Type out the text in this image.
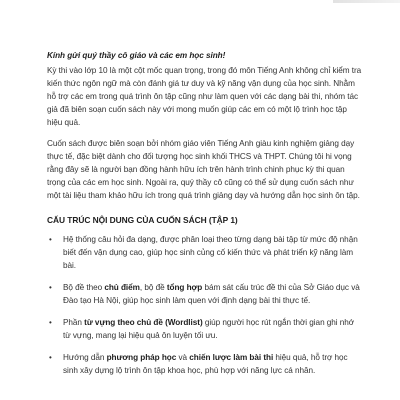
Kính gửi quý thầy cô giáo và các em học sinh!

Kỳ thi vào lớp 10 là một cột mốc quan trọng, trong đó môn Tiếng Anh không chỉ kiểm tra kiến thức ngôn ngữ mà còn đánh giá tư duy và kỹ năng vận dụng của học sinh. Nhằm hỗ trợ các em trong quá trình ôn tập cũng như làm quen với các dạng bài thi, nhóm tác giả đã biên soạn cuốn sách này với mong muốn giúp các em có một lộ trình học tập hiệu quả.

Cuốn sách được biên soạn bởi nhóm giáo viên Tiếng Anh giàu kinh nghiệm giảng dạy thực tế, đặc biệt dành cho đối tượng học sinh khối THCS và THPT. Chúng tôi hi vọng rằng đây sẽ là người bạn đồng hành hữu ích trên hành trình chinh phục kỳ thi quan trọng của các em học sinh. Ngoài ra, quý thầy cô cũng có thể sử dụng cuốn sách như một tài liệu tham khảo hữu ích trong quá trình giảng dạy và hướng dẫn học sinh ôn tập.

CẤU TRÚC NỘI DUNG CỦA CUỐN SÁCH (TẬP 1)

• Hệ thống câu hỏi đa dạng, được phân loại theo từng dạng bài tập từ mức độ nhận biết đến vận dụng cao, giúp học sinh củng cố kiến thức và phát triển kỹ năng làm bài.
• Bộ đề theo chủ điểm, bộ đề tổng hợp bám sát cấu trúc đề thi của Sở Giáo dục và Đào tạo Hà Nội, giúp học sinh làm quen với định dạng bài thi thực tế.
• Phần từ vựng theo chủ đề (Wordlist) giúp người học rút ngắn thời gian ghi nhớ từ vựng, mang lại hiệu quả ôn luyện tối ưu.
• Hướng dẫn phương pháp học và chiến lược làm bài thi hiệu quả, hỗ trợ học sinh xây dựng lộ trình ôn tập khoa học, phù hợp với năng lực cá nhân.
